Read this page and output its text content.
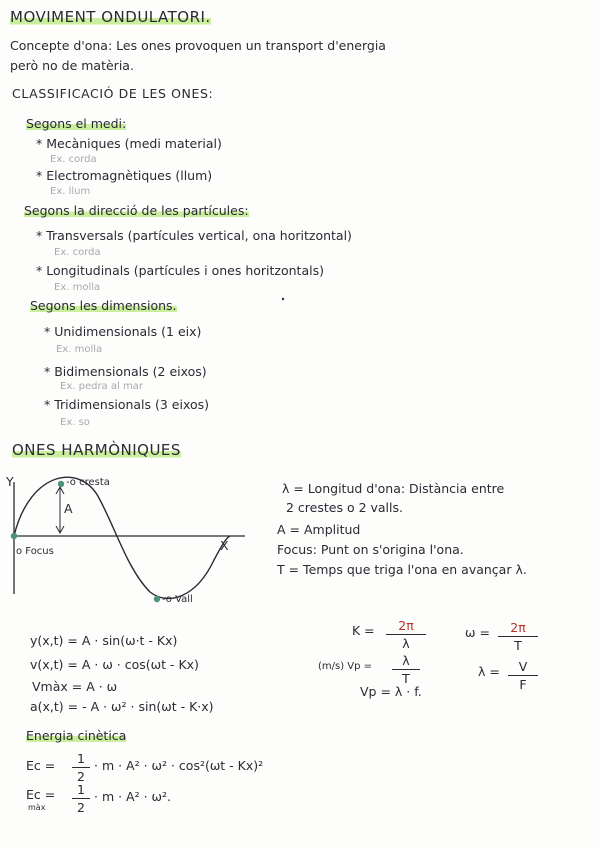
MOVIMENT ONDULATORI.
Concepte d'ona: Les ones provoquen un transport d'energia
però no de matèria.
CLASSIFICACIÓ DE LES ONES:
Segons el medi:
* Mecàniques (medi material)
Ex. corda
* Electromagnètiques (llum)
Ex. llum
Segons la direcció de les partícules:
* Transversals (partícules vertical, ona horitzontal)
Ex. corda
* Longitudinals (partícules i ones horitzontals)
Ex. molla
Segons les dimensions.
* Unidimensionals (1 eix)
Ex. molla
* Bidimensionals (2 eixos)
Ex. pedra al mar
* Tridimensionals (3 eixos)
Ex. so
ONES HARMÒNIQUES
Y
X
-o cresta
A
o Focus
-o Vall
λ = Longitud d'ona: Distància entre
2 crestes o 2 valls.
A = Amplitud
Focus: Punt on s'origina l'ona.
T = Temps que triga l'ona en avançar λ.
y(x,t) = A · sin(ω·t - Kx)
v(x,t) = A · ω · cos(ωt - Kx)
Vmàx = A · ω
a(x,t) = - A · ω² · sin(ωt - K·x)
$K = \frac{2\pi}{\lambda}$	$\omega = \frac{2\pi}{T}$
(m/s) $Vp = \frac{\lambda}{T}$	$\lambda = \frac{V}{F}$
Vp = λ · f.
Energia cinètica
$Ec = \frac{1}{2} \cdot m \cdot A^2 \cdot \omega^2 \cdot \cos^2(\omega t - Kx)^2$
Ec =
màx $\frac{1}{2} \cdot m \cdot A^2 \cdot \omega^2$.
